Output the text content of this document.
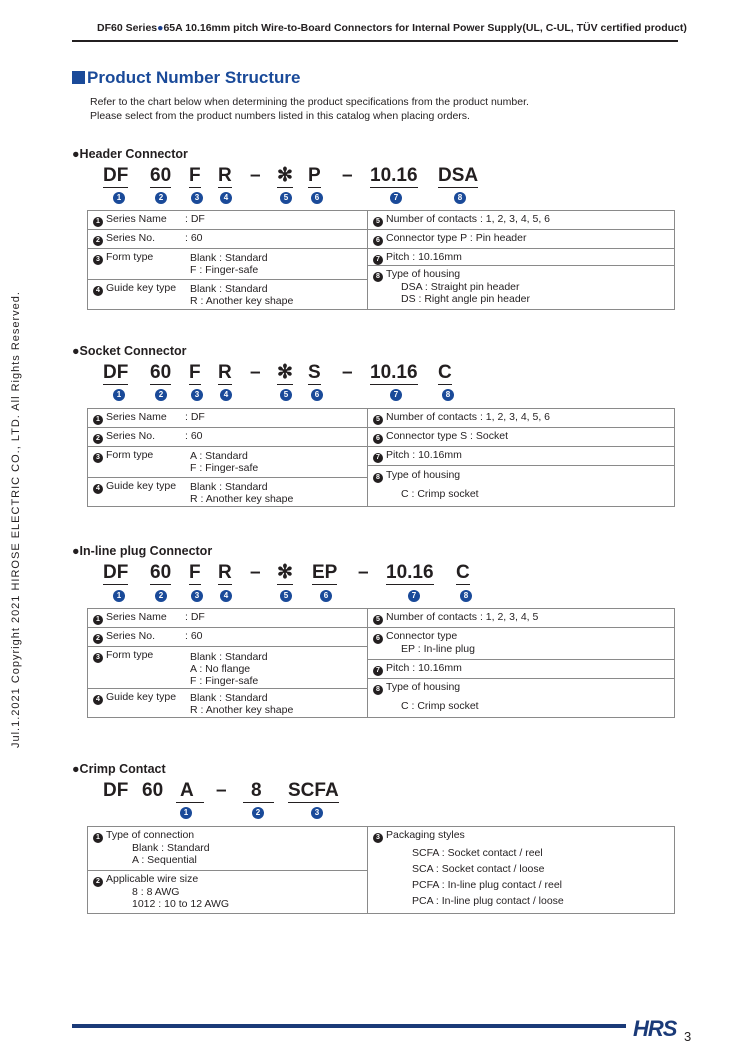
DF60 Series●65A 10.16mm pitch Wire-to-Board Connectors for Internal Power Supply(UL, C-UL, TÜV certified product)
Product Number Structure
Refer to the chart below when determining the product specifications from the product number.
Please select from the product numbers listed in this catalog when placing orders.
●Header Connector
DF 60 F R – ✻ P – 10.16 DSA
1	2	3	4	5	6	7	8
1 Series Name : DF
2 Series No.	: 60
3 Form type	Blank : Standard
F : Finger-safe
4 Guide key type Blank : Standard
R : Another key shape
5 Number of contacts : 1, 2, 3, 4, 5, 6
6 Connector type P : Pin header
7 Pitch : 10.16mm
8 Type of housing
DSA : Straight pin header
DS : Right angle pin header
●Socket Connector
DF 60 F R – ✻ S – 10.16 C
1	2	3	4	5	6	7	8
1 Series Name : DF
2 Series No.	: 60
3 Form type	A : Standard
F : Finger-safe
4 Guide key type Blank : Standard
R : Another key shape
5 Number of contacts : 1, 2, 3, 4, 5, 6
6 Connector type S : Socket
7 Pitch : 10.16mm
8 Type of housing
C : Crimp socket
●In-line plug Connector
DF 60 F R – ✻ EP – 10.16 C
1	2	3	4	5	6	7	8
1 Series Name : DF
2 Series No.	: 60
3 Form type	Blank : Standard
A : No flange
F : Finger-safe
4 Guide key type Blank : Standard
R : Another key shape
5 Number of contacts : 1, 2, 3, 4, 5
6 Connector type
EP : In-line plug
7 Pitch : 10.16mm
8 Type of housing
C : Crimp socket
●Crimp Contact
DF 60 A	–	8	SCFA
1	2	3
1 Type of connection
Blank : Standard
A : Sequential
2 Applicable wire size
8 : 8 AWG
1012 : 10 to 12 AWG
3 Packaging styles
SCFA : Socket contact / reel
SCA : Socket contact / loose
PCFA : In-line plug contact / reel
PCA : In-line plug contact / loose
Jul.1.2021 Copyright 2021 HIROSE ELECTRIC CO., LTD. All Rights Reserved.
HRS 3
